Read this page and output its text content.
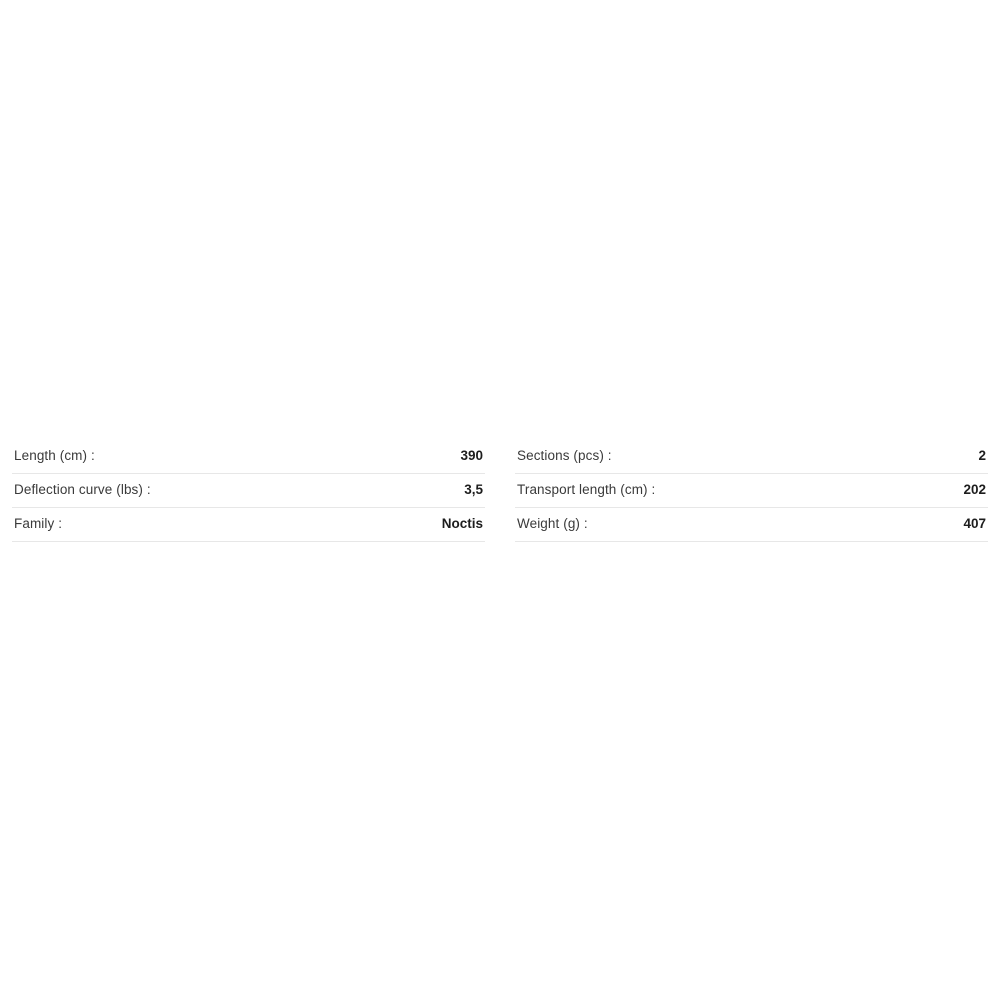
Length (cm) :	390
Deflection curve (lbs) :	3,5
Family :	Noctis
Sections (pcs) :	2
Transport length (cm) :	202
Weight (g) :	407
